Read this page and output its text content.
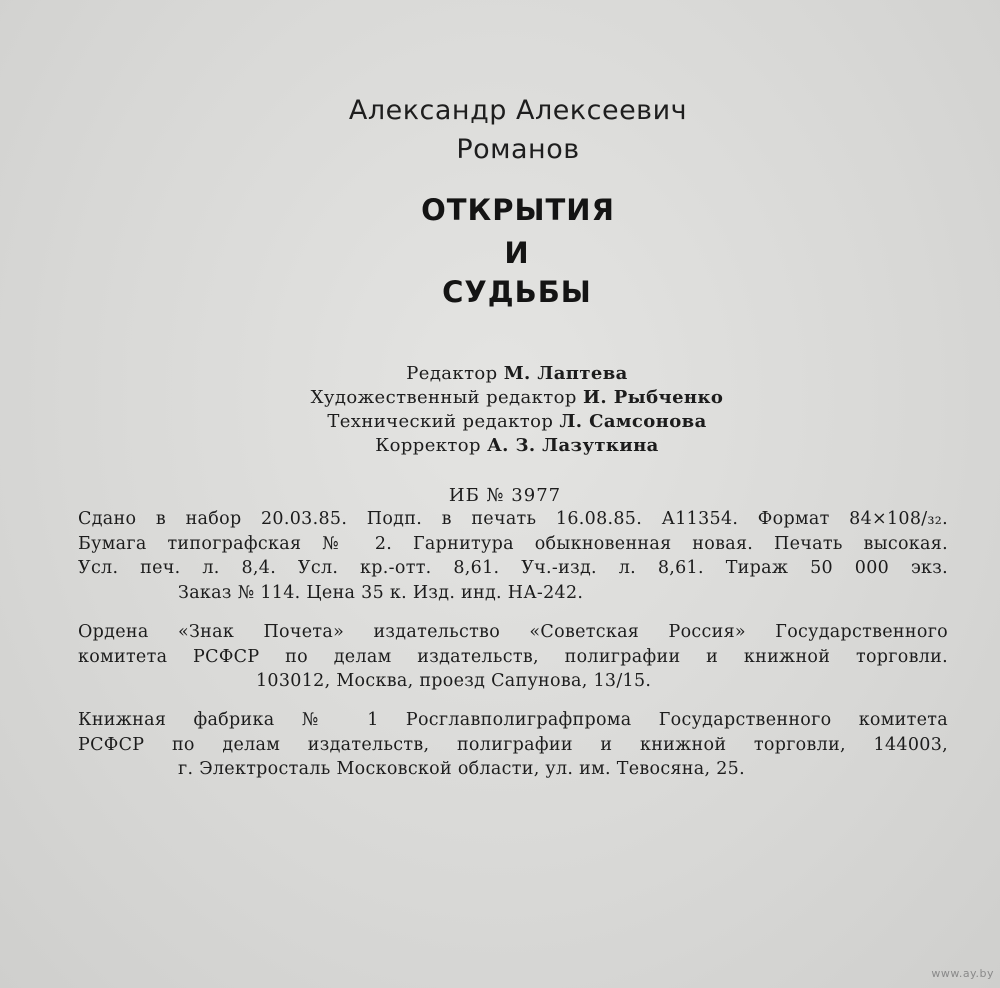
Александр Алексеевич
Романов
ОТКРЫТИЯ
И
СУДЬБЫ
Редактор М. Лаптева
Художественный редактор И. Рыбченко
Технический редактор Л. Самсонова
Корректор А. З. Лазуткина
ИБ № 3977
Сдано в набор 20.03.85. Подп. в печать 16.08.85. А11354. Формат 84×108/₃₂.
Бумага типографская № 2. Гарнитура обыкновенная новая. Печать высокая.
Усл. печ. л. 8,4. Усл. кр.-отт. 8,61. Уч.-изд. л. 8,61. Тираж 50 000 экз.
Заказ № 114. Цена 35 к. Изд. инд. НА-242.
Ордена «Знак Почета» издательство «Советская Россия» Государственного
комитета РСФСР по делам издательств, полиграфии и книжной торговли.
103012, Москва, проезд Сапунова, 13/15.
Книжная фабрика № 1 Росглавполиграфпрома Государственного комитета
РСФСР по делам издательств, полиграфии и книжной торговли, 144003,
г. Электросталь Московской области, ул. им. Тевосяна, 25.
www.ay.by
